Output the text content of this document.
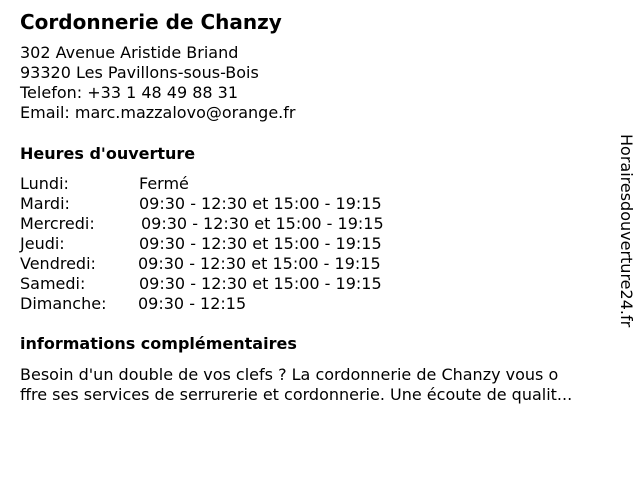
Cordonnerie de Chanzy
302 Avenue Aristide Briand
93320 Les Pavillons-sous-Bois
Telefon: +33 1 48 49 88 31
Email: marc.mazzalovo@orange.fr
Heures d'ouverture
Lundi:	Fermé
Mardi:	09:30 - 12:30 et 15:00 - 19:15
Mercredi:	09:30 - 12:30 et 15:00 - 19:15
Jeudi:	09:30 - 12:30 et 15:00 - 19:15
Vendredi:	09:30 - 12:30 et 15:00 - 19:15
Samedi:	09:30 - 12:30 et 15:00 - 19:15
Dimanche:	09:30 - 12:15
informations complémentaires
Besoin d'un double de vos clefs ? La cordonnerie de Chanzy vous o
ffre ses services de serrurerie et cordonnerie. Une écoute de qualit...
Horairesdouverture24.fr
